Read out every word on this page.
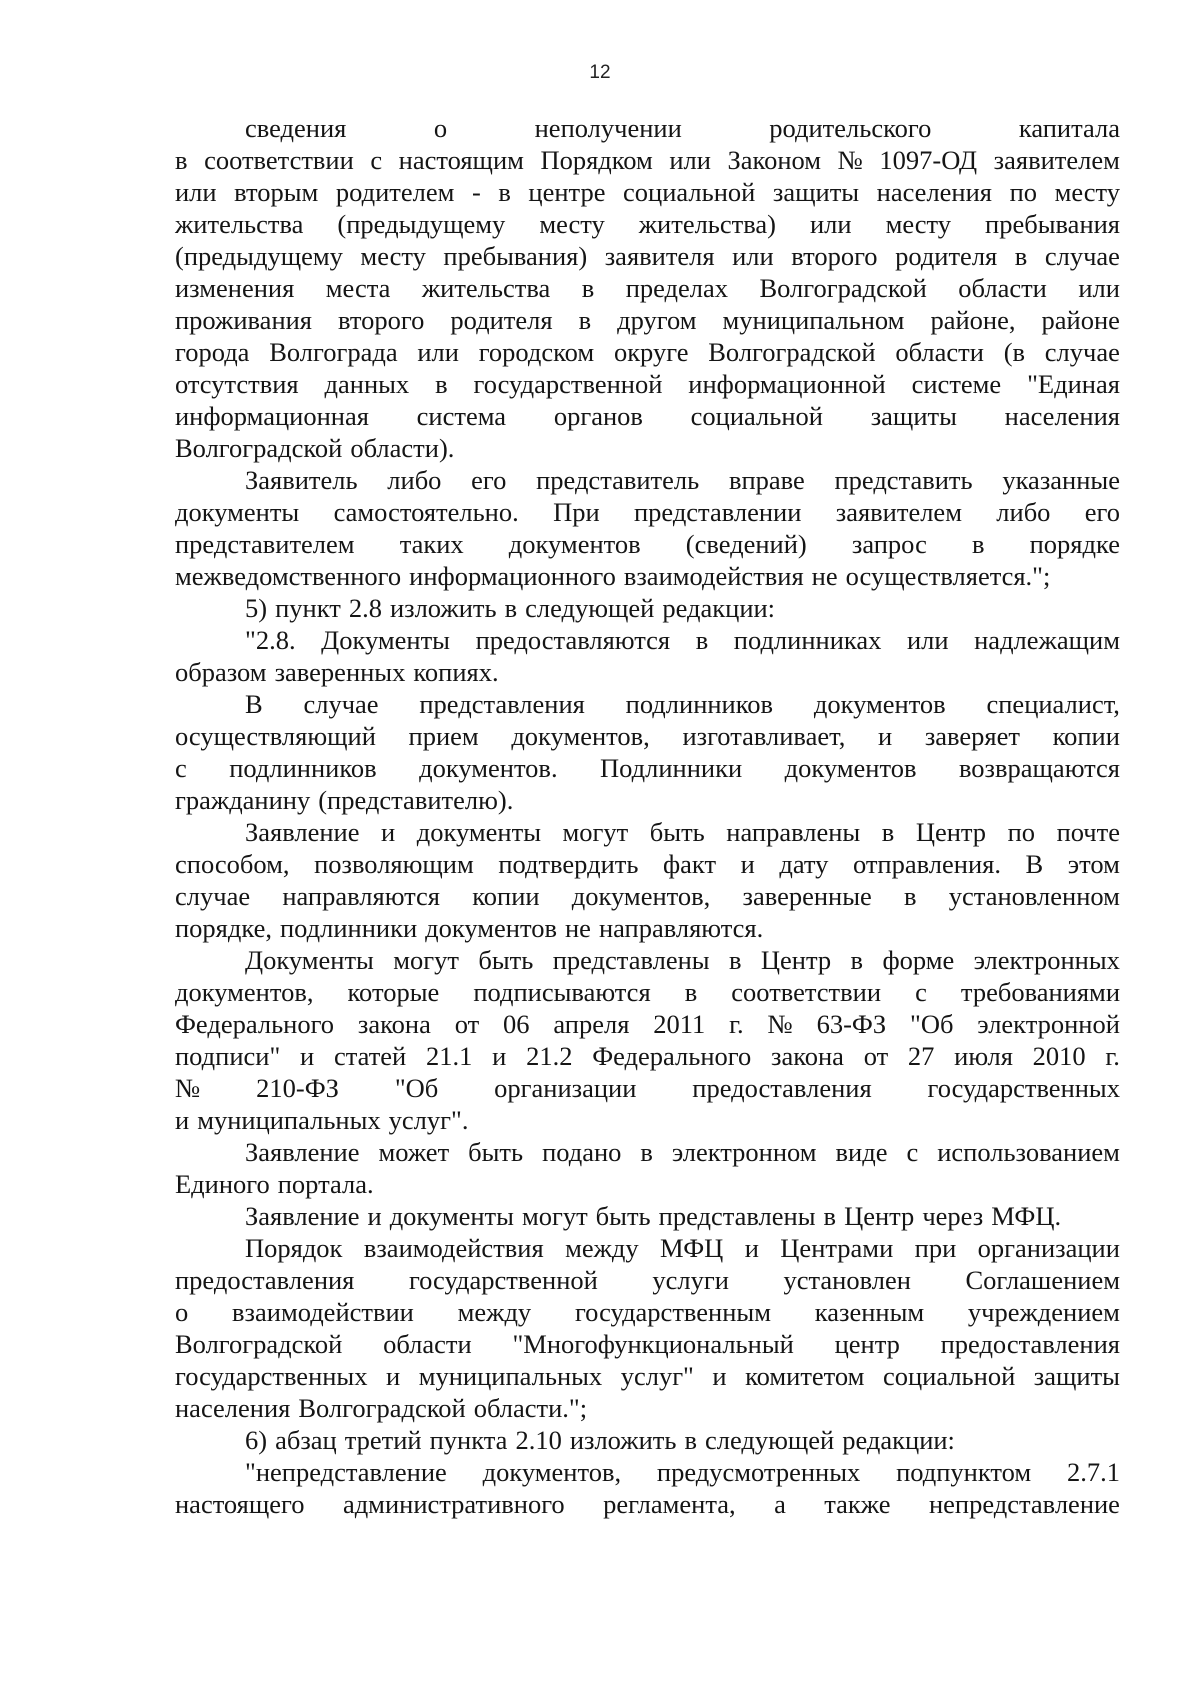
12
сведения	о	неполучении	родительского	капитала
в соответствии с настоящим Порядком или Законом № 1097-ОД заявителем
или вторым родителем - в центре социальной защиты населения по месту
жительства (предыдущему месту жительства) или месту пребывания
(предыдущему месту пребывания) заявителя или второго родителя в случае
изменения места жительства в пределах Волгоградской области или
проживания второго родителя в другом муниципальном районе, районе
города Волгограда или городском округе Волгоградской области (в случае
отсутствия данных в государственной информационной системе "Единая
информационная система органов социальной защиты населения
Волгоградской области).
Заявитель либо его представитель вправе представить указанные
документы самостоятельно. При представлении заявителем либо его
представителем таких документов (сведений) запрос в порядке
межведомственного информационного взаимодействия не осуществляется.";
5) пункт 2.8 изложить в следующей редакции:
"2.8. Документы предоставляются в подлинниках или надлежащим
образом заверенных копиях.
В случае представления подлинников документов специалист,
осуществляющий прием документов, изготавливает, и заверяет копии
с подлинников документов. Подлинники документов возвращаются
гражданину (представителю).
Заявление и документы могут быть направлены в Центр по почте
способом, позволяющим подтвердить факт и дату отправления. В этом
случае направляются копии документов, заверенные в установленном
порядке, подлинники документов не направляются.
Документы могут быть представлены в Центр в форме электронных
документов, которые подписываются в соответствии с требованиями
Федерального закона от 06 апреля 2011 г. № 63-ФЗ "Об электронной
подписи" и статей 21.1 и 21.2 Федерального закона от 27 июля 2010 г.
№ 210-ФЗ "Об организации предоставления государственных
и муниципальных услуг".
Заявление может быть подано в электронном виде с использованием
Единого портала.
Заявление и документы могут быть представлены в Центр через МФЦ.
Порядок взаимодействия между МФЦ и Центрами при организации
предоставления государственной услуги установлен Соглашением
о взаимодействии между государственным казенным учреждением
Волгоградской области "Многофункциональный центр предоставления
государственных и муниципальных услуг" и комитетом социальной защиты
населения Волгоградской области.";
6) абзац третий пункта 2.10 изложить в следующей редакции:
"непредставление документов, предусмотренных подпунктом 2.7.1
настоящего административного регламента, а также непредставление
